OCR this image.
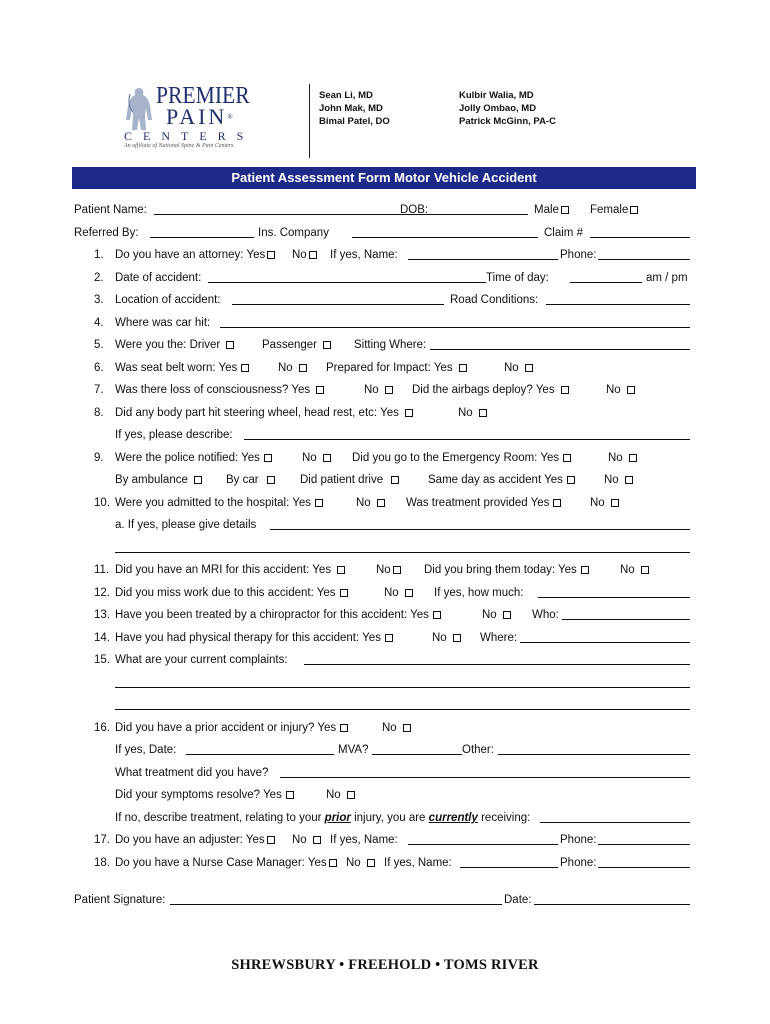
PREMIER
PAIN®
CENTERS
An affiliate of National Spine & Pain Centers
Sean Li, MD
John Mak, MD
Bimal Patel, DO
Kulbir Walia, MD
Jolly Ombao, MD
Patrick McGinn, PA-C
Patient Assessment Form Motor Vehicle Accident
Patient Name:	DOB:	Male	Female
Referred By:	Ins. Company	Claim #
1. Do you have an attorney: Yes	No	If yes, Name:	Phone:
2. Date of accident:	Time of day:	am / pm
3. Location of accident:	Road Conditions:
4. Where was car hit:
5. Were you the: Driver	Passenger	Sitting Where:
6. Was seat belt worn: Yes	No	Prepared for Impact: Yes	No
7. Was there loss of consciousness? Yes	No	Did the airbags deploy? Yes	No
8. Did any body part hit steering wheel, head rest, etc: Yes	No
If yes, please describe:
9. Were the police notified: Yes	No	Did you go to the Emergency Room: Yes	No
By ambulance	By car	Did patient drive	Same day as accident Yes	No
10. Were you admitted to the hospital: Yes	No	Was treatment provided Yes	No
a. If yes, please give details
11. Did you have an MRI for this accident: Yes	No	Did you bring them today: Yes	No
12. Did you miss work due to this accident: Yes	No	If yes, how much:
13. Have you been treated by a chiropractor for this accident: Yes	No	Who:
14. Have you had physical therapy for this accident: Yes	No	Where:
15. What are your current complaints:
16. Did you have a prior accident or injury? Yes	No
If yes, Date:	MVA?	Other:
What treatment did you have?
Did your symptoms resolve? Yes	No
If no, describe treatment, relating to your prior injury, you are currently receiving:
17. Do you have an adjuster: Yes	No	If yes, Name:	Phone:
18. Do you have a Nurse Case Manager: Yes	No	If yes, Name:	Phone:
Patient Signature:	Date:
SHREWSBURY • FREEHOLD • TOMS RIVER
